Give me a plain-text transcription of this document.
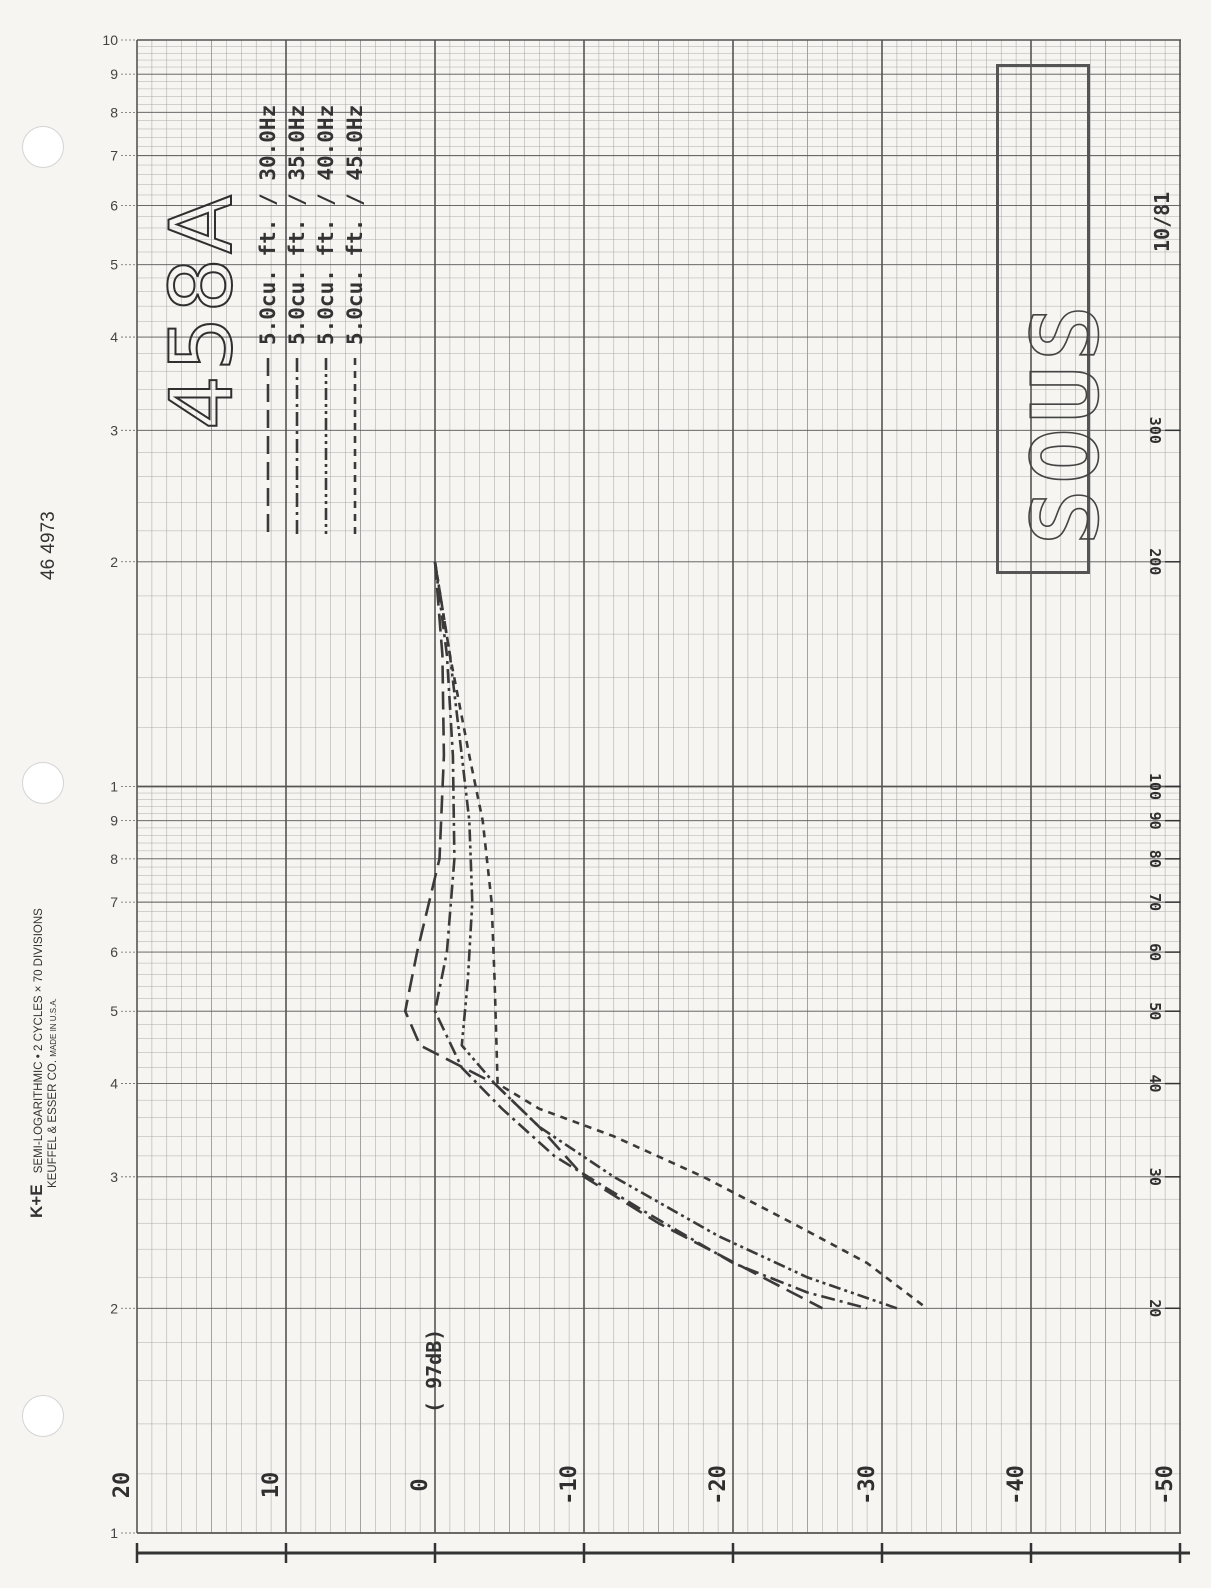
1
2
3
4
5
6
7
8
9
1
2
3
4
5
6
7
8
9
10
20	10	0	-10	-20	-30	-40	-50
20
30
40
50
60
70
80
90
100
200
300
46 4973
K+E SEMI-LOGARITHMIC • 2 CYCLES × 70 DIVISIONS KEUFFEL & ESSER CO. MADE IN U.S.A.
458A 5.0cu. ft. / 30.0Hz 5.0cu. ft. / 35.0Hz 5.0cu. ft. / 40.0Hz 5.0cu. ft. / 45.0Hz
SOUS
10/81
( 97dB)
